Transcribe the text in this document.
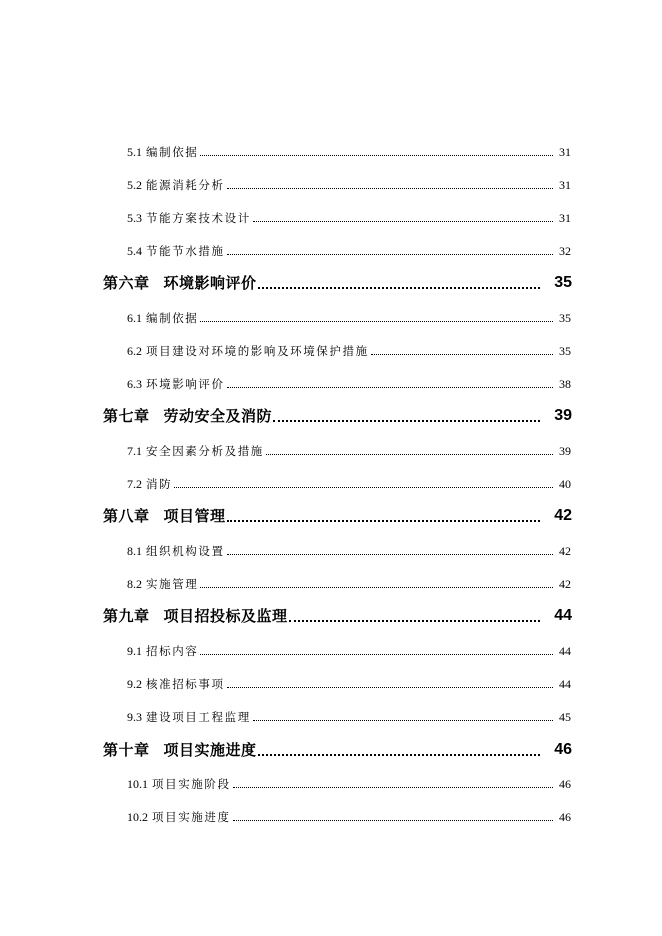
5.1 编制依据	31
5.2 能源消耗分析	31
5.3 节能方案技术设计	31
5.4 节能节水措施	32
第六章 环境影响评价	35
6.1 编制依据	35
6.2 项目建设对环境的影响及环境保护措施	35
6.3 环境影响评价	38
第七章 劳动安全及消防	39
7.1 安全因素分析及措施	39
7.2 消防	40
第八章 项目管理	42
8.1 组织机构设置	42
8.2 实施管理	42
第九章 项目招投标及监理	44
9.1 招标内容	44
9.2 核准招标事项	44
9.3 建设项目工程监理	45
第十章 项目实施进度	46
10.1 项目实施阶段	46
10.2 项目实施进度	46
